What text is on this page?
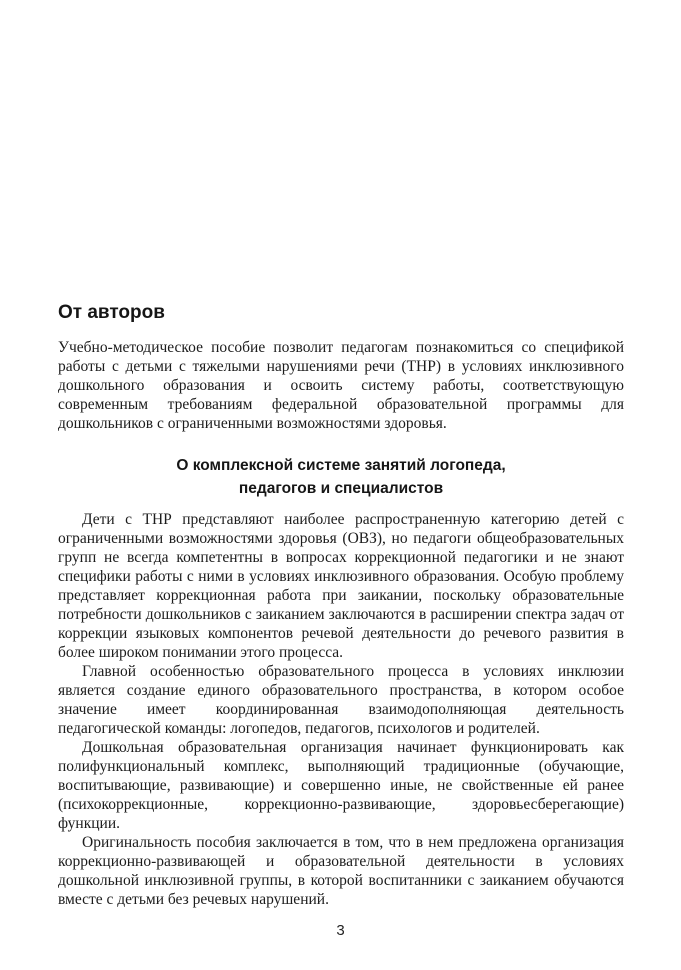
От авторов

Учебно-методическое пособие позволит педагогам познакомиться со спецификой работы с детьми с тяжелыми нарушениями речи (ТНР) в условиях инклюзивного дошкольного образования и освоить систему работы, соответствующую современным требованиям федеральной образовательной программы для дошкольников с ограниченными возможностями здоровья.

О комплексной системе занятий логопеда,
педагогов и специалистов

Дети с ТНР представляют наиболее распространенную категорию детей с ограниченными возможностями здоровья (ОВЗ), но педагоги общеобразовательных групп не всегда компетентны в вопросах коррекционной педагогики и не знают специфики работы с ними в условиях инклюзивного образования. Особую проблему представляет коррекционная работа при заикании, поскольку образовательные потребности дошкольников с заиканием заключаются в расширении спектра задач от коррекции языковых компонентов речевой деятельности до речевого развития в более широком понимании этого процесса.

Главной особенностью образовательного процесса в условиях инклюзии является создание единого образовательного пространства, в котором особое значение имеет координированная взаимодополняющая деятельность педагогической команды: логопедов, педагогов, психологов и родителей.

Дошкольная образовательная организация начинает функционировать как полифункциональный комплекс, выполняющий традиционные (обучающие, воспитывающие, развивающие) и совершенно иные, не свойственные ей ранее (психокоррекционные, коррекционно-развивающие, здоровьесберегающие) функции.

Оригинальность пособия заключается в том, что в нем предложена организация коррекционно-развивающей и образовательной деятельности в условиях дошкольной инклюзивной группы, в которой воспитанники с заиканием обучаются вместе с детьми без речевых нарушений.

3
